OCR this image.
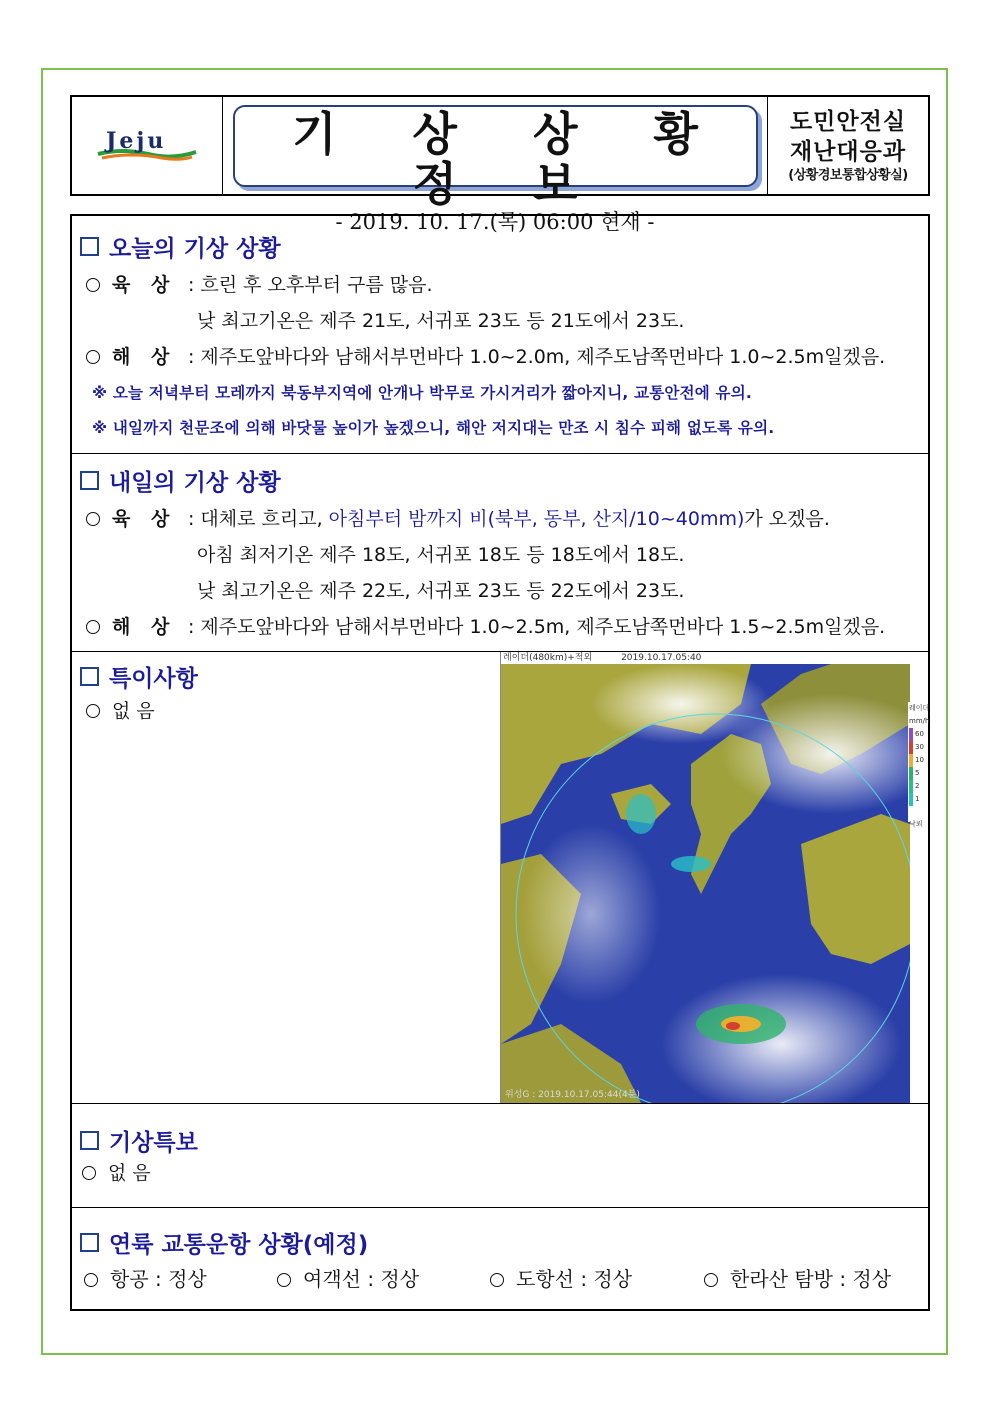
Jeju	기 상 상 황 정 보
- 2019. 10. 17.(목) 06:00 현재 -
도민안전실
재난대응과
(상황경보통합상황실)
오늘의 기상 상황
육 상 : 흐린 후 오후부터 구름 많음.
낮 최고기온은 제주 21도, 서귀포 23도 등 21도에서 23도.
해 상 : 제주도앞바다와 남해서부먼바다 1.0~2.0m, 제주도남쪽먼바다 1.0~2.5m일겠음.
※ 오늘 저녁부터 모레까지 북동부지역에 안개나 박무로 가시거리가 짧아지니, 교통안전에 유의.
※ 내일까지 천문조에 의해 바닷물 높이가 높겠으니, 해안 저지대는 만조 시 침수 피해 없도록 유의.
내일의 기상 상황
육 상 : 대체로 흐리고, 아침부터 밤까지 비(북부, 동부, 산지/10~40mm)가 오겠음.
아침 최저기온 제주 18도, 서귀포 18도 등 18도에서 18도.
낮 최고기온은 제주 22도, 서귀포 23도 등 22도에서 23도.
해 상 : 제주도앞바다와 남해서부먼바다 1.0~2.5m, 제주도남쪽먼바다 1.5~2.5m일겠음.
특이사항
없 음
레이더(480km)+적외	2019.10.17.05:40
레이더
mm/h
60
30
10
5
2
1
낙뢰
위성G : 2019.10.17.05:44(4분)
기상특보
없 음
연륙 교통운항 상황(예정)
항공 : 정상	여객선 : 정상	도항선 : 정상	한라산 탐방 : 정상
